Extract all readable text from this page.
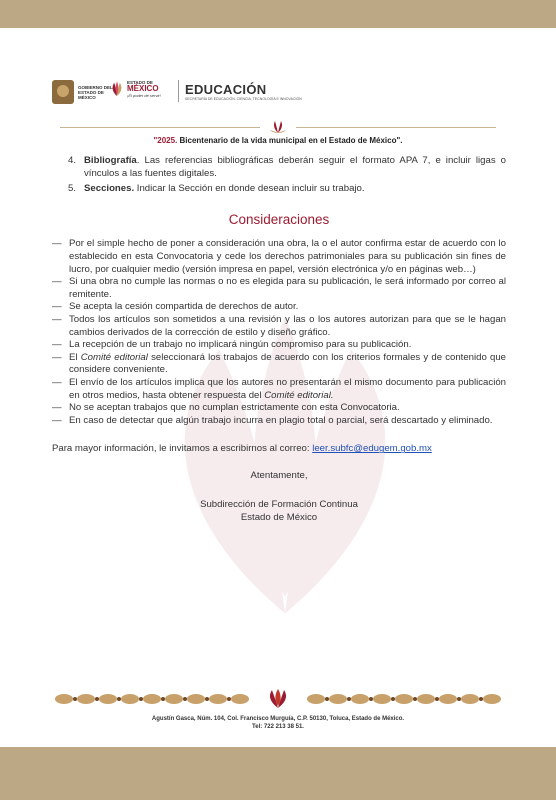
GOBIERNO DEL
ESTADO DE
MÉXICO
ESTADO DE
MÉXICO
¡El poder de servir! EDUCACIÓN
SECRETARÍA DE EDUCACIÓN, CIENCIA, TECNOLOGÍA E INNOVACIÓN
"2025. Bicentenario de la vida municipal en el Estado de México".
4. Bibliografía. Las referencias bibliográficas deberán seguir el formato APA 7, e incluir ligas o vínculos a las fuentes digitales.
5. Secciones. Indicar la Sección en donde desean incluir su trabajo.
Consideraciones
— Por el simple hecho de poner a consideración una obra, la o el autor confirma estar de acuerdo con lo establecido en esta Convocatoria y cede los derechos patrimoniales para su publicación sin fines de lucro, por cualquier medio (versión impresa en papel, versión electrónica y/o en páginas web…)
— Si una obra no cumple las normas o no es elegida para su publicación, le será informado por correo al remitente.
— Se acepta la cesión compartida de derechos de autor.
— Todos los artículos son sometidos a una revisión y las o los autores autorizan para que se le hagan cambios derivados de la corrección de estilo y diseño gráfico.
— La recepción de un trabajo no implicará ningún compromiso para su publicación.
— El Comité editorial seleccionará los trabajos de acuerdo con los criterios formales y de contenido que considere conveniente.
— El envío de los artículos implica que los autores no presentarán el mismo documento para publicación en otros medios, hasta obtener respuesta del Comité editorial.
— No se aceptan trabajos que no cumplan estrictamente con esta Convocatoria.
— En caso de detectar que algún trabajo incurra en plagio total o parcial, será descartado y eliminado.
Para mayor información, le invitamos a escribirnos al correo: leer.subfc@edugem.gob.mx
Atentamente,
Subdirección de Formación Continua
Estado de México
Agustín Gasca, Núm. 104, Col. Francisco Murguía, C.P. 50130, Toluca, Estado de México.
Tel: 722 213 38 51.
